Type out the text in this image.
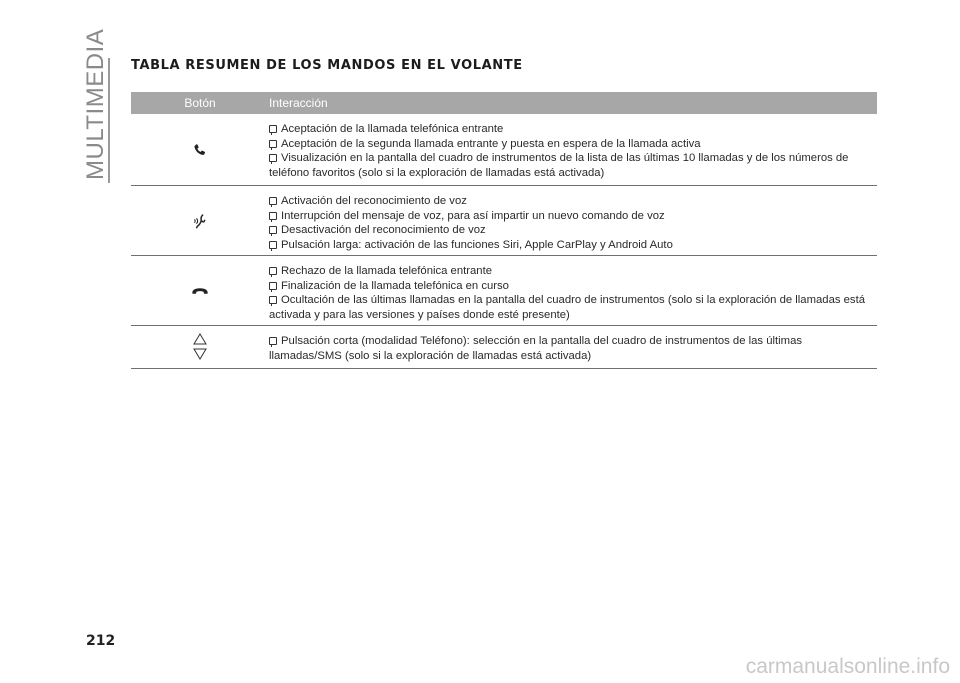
MULTIMEDIA TABLA RESUMEN DE LOS MANDOS EN EL VOLANTE
Botón	Interacción

Aceptación de la llamada telefónica entrante

Aceptación de la segunda llamada entrante y puesta en espera de la llamada activa

Visualización en la pantalla del cuadro de instrumentos de la lista de las últimas 10 llamadas y de los números de teléfono favoritos (solo si la exploración de llamadas está activada)

Activación del reconocimiento de voz

Interrupción del mensaje de voz, para así impartir un nuevo comando de voz

Desactivación del reconocimiento de voz

Pulsación larga: activación de las funciones Siri, Apple CarPlay y Android Auto

Rechazo de la llamada telefónica entrante

Finalización de la llamada telefónica en curso

Ocultación de las últimas llamadas en la pantalla del cuadro de instrumentos (solo si la exploración de llamadas está activada y para las versiones y países donde esté presente)

Pulsación corta (modalidad Teléfono): selección en la pantalla del cuadro de instrumentos de las últimas llamadas/SMS (solo si la exploración de llamadas está activada)

212

carmanualsonline.info
